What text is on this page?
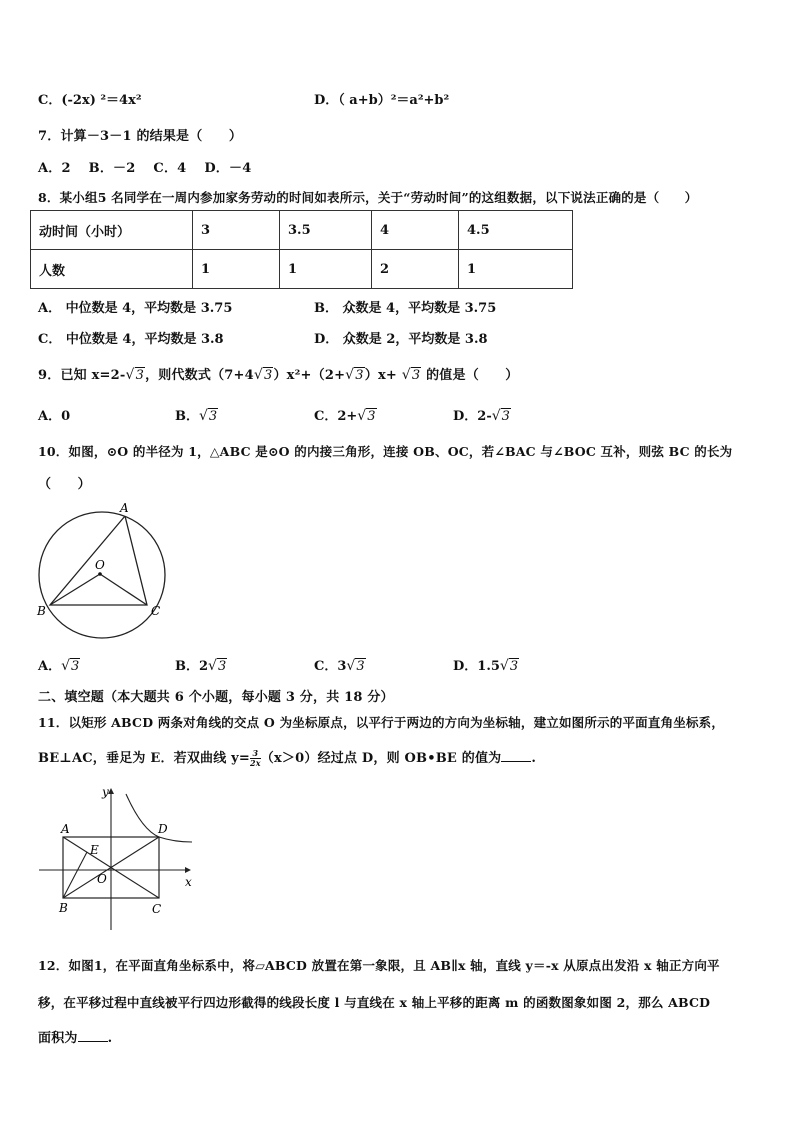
C．(-2x) ²＝4x²	D．（ a+b）²＝a²+b²
7．计算－3－1 的结果是（　　）
A．2　 B．－2　 C．4　 D．－4
8．某小组5 名同学在一周内参加家务劳动的时间如表所示，关于“劳动时间”的这组数据，以下说法正确的是（　　）
动时间（小时）	3	3.5	4	4.5
人数	1	1	2	1
A． 中位数是 4，平均数是 3.75	B． 众数是 4，平均数是 3.75
C． 中位数是 4，平均数是 3.8	D． 众数是 2，平均数是 3.8
9．已知 x=2-√3，则代数式（7+4√3）x²+（2+√3）x+ √3 的值是（　　）
A．0	B．√3	C．2+√3	D．2-√3
10．如图，⊙O 的半径为 1，△ABC 是⊙O 的内接三角形，连接 OB、OC，若∠BAC 与∠BOC 互补，则弦 BC 的长为
（　　）
A
O
B	C
A．√3	B．2√3	C．3√3	D．1.5√3
二、填空题（本大题共 6 个小题，每小题 3 分，共 18 分）
11．以矩形 ABCD 两条对角线的交点 O 为坐标原点，以平行于两边的方向为坐标轴，建立如图所示的平面直角坐标系，
BE⊥AC，垂足为 E．若双曲线 $y= \frac{3}{2x} (x>0)$经过点 D，则 OB•BE 的值为 .
y
x
A	D
E
O
B	C
12．如图1，在平面直角坐标系中，将▱ABCD 放置在第一象限，且 AB∥x 轴，直线 y＝-x 从原点出发沿 x 轴正方向平
移，在平移过程中直线被平行四边形截得的线段长度 l 与直线在 x 轴上平移的距离 m 的函数图象如图 2，那么 ABCD
面积为 .
